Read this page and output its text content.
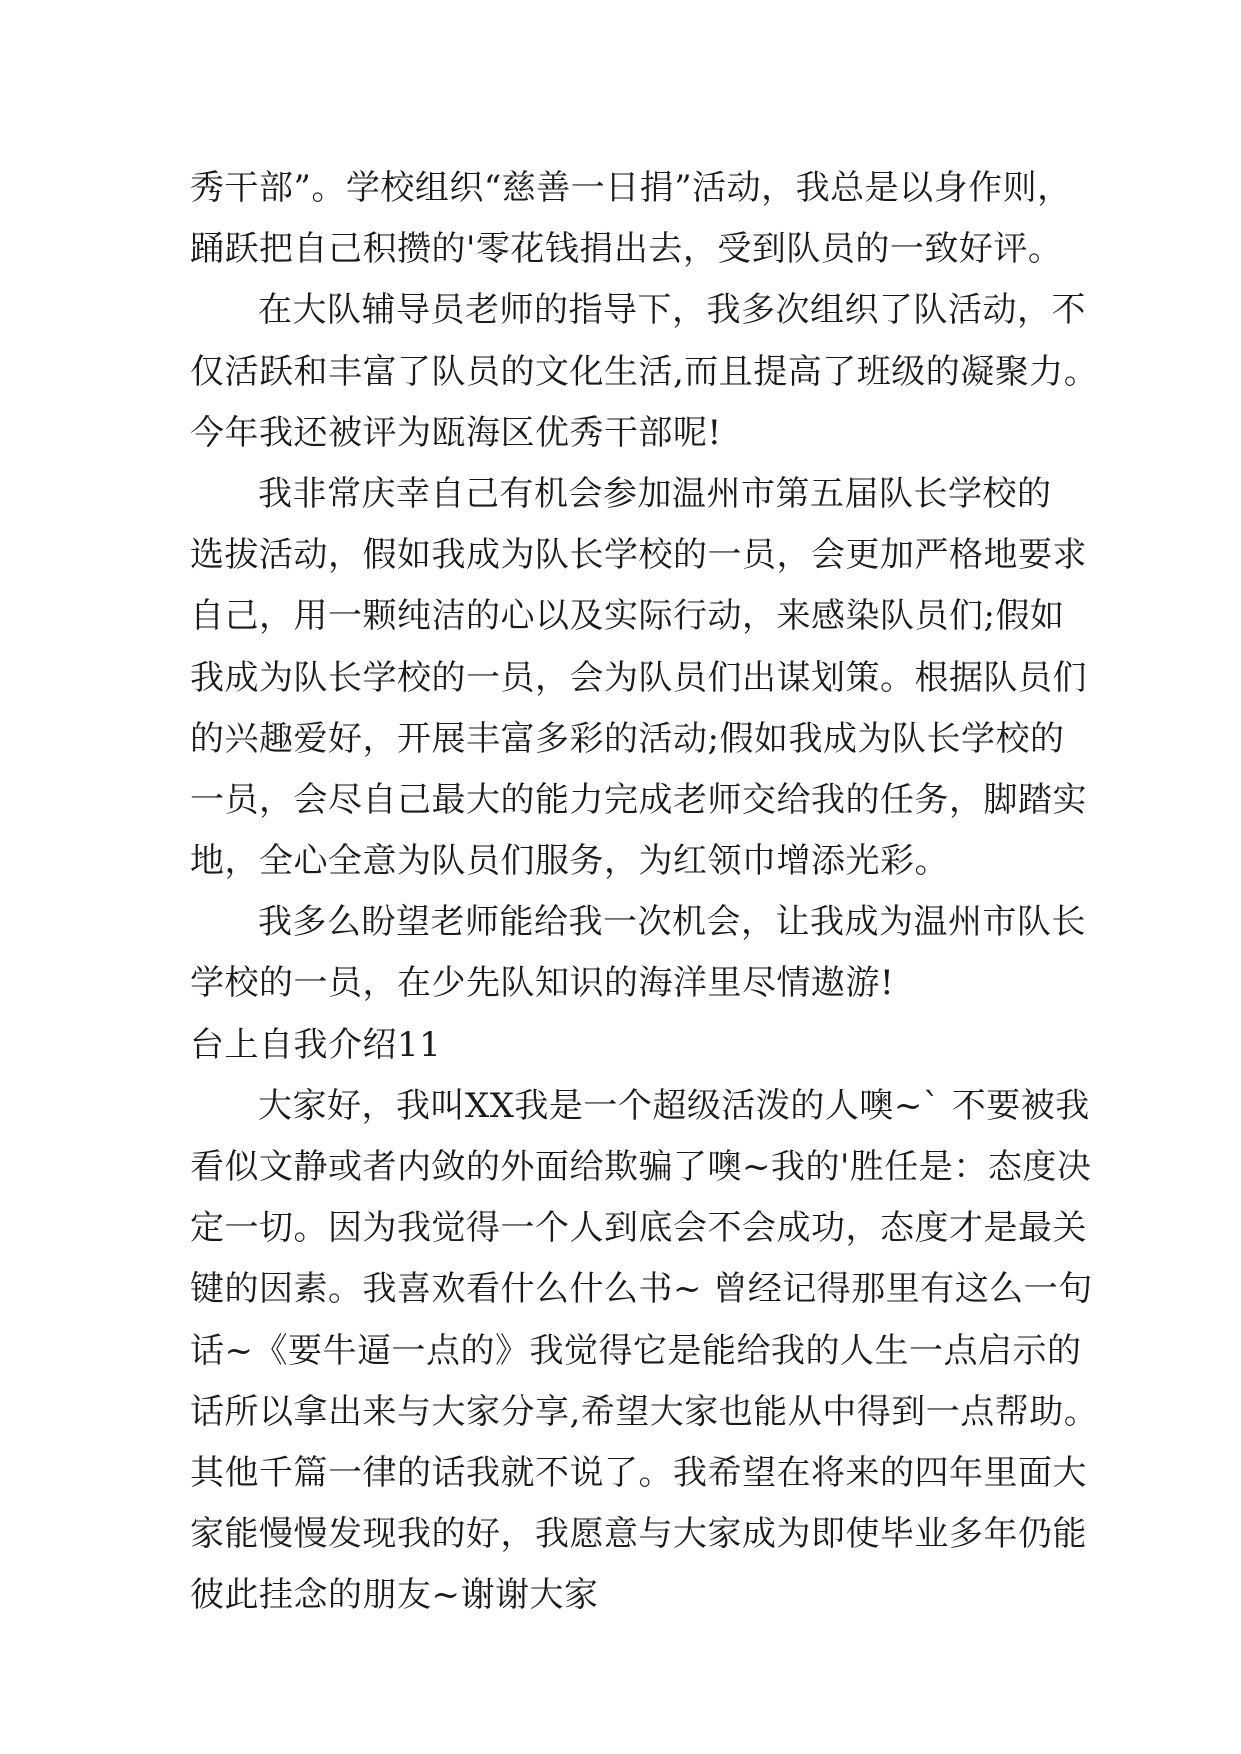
秀干部”。学校组织“慈善一日捐”活动，我总是以身作则，
踊跃把自己积攒的'零花钱捐出去，受到队员的一致好评。
在大队辅导员老师的指导下，我多次组织了队活动，不
仅活跃和丰富了队员的文化生活,而且提高了班级的凝聚力。
今年我还被评为瓯海区优秀干部呢!
我非常庆幸自己有机会参加温州市第五届队长学校的
选拔活动，假如我成为队长学校的一员，会更加严格地要求
自己，用一颗纯洁的心以及实际行动，来感染队员们;假如
我成为队长学校的一员，会为队员们出谋划策。根据队员们
的兴趣爱好，开展丰富多彩的活动;假如我成为队长学校的
一员，会尽自己最大的能力完成老师交给我的任务，脚踏实
地，全心全意为队员们服务，为红领巾增添光彩。
我多么盼望老师能给我一次机会，让我成为温州市队长
学校的一员，在少先队知识的海洋里尽情遨游!
台上自我介绍11
大家好，我叫XX我是一个超级活泼的人噢~` 不要被我
看似文静或者内敛的外面给欺骗了噢~我的'胜任是：态度决
定一切。因为我觉得一个人到底会不会成功，态度才是最关
键的因素。我喜欢看什么什么书~ 曾经记得那里有这么一句
话~《要牛逼一点的》我觉得它是能给我的人生一点启示的
话所以拿出来与大家分享,希望大家也能从中得到一点帮助。
其他千篇一律的话我就不说了。我希望在将来的四年里面大
家能慢慢发现我的好，我愿意与大家成为即使毕业多年仍能
彼此挂念的朋友~谢谢大家
